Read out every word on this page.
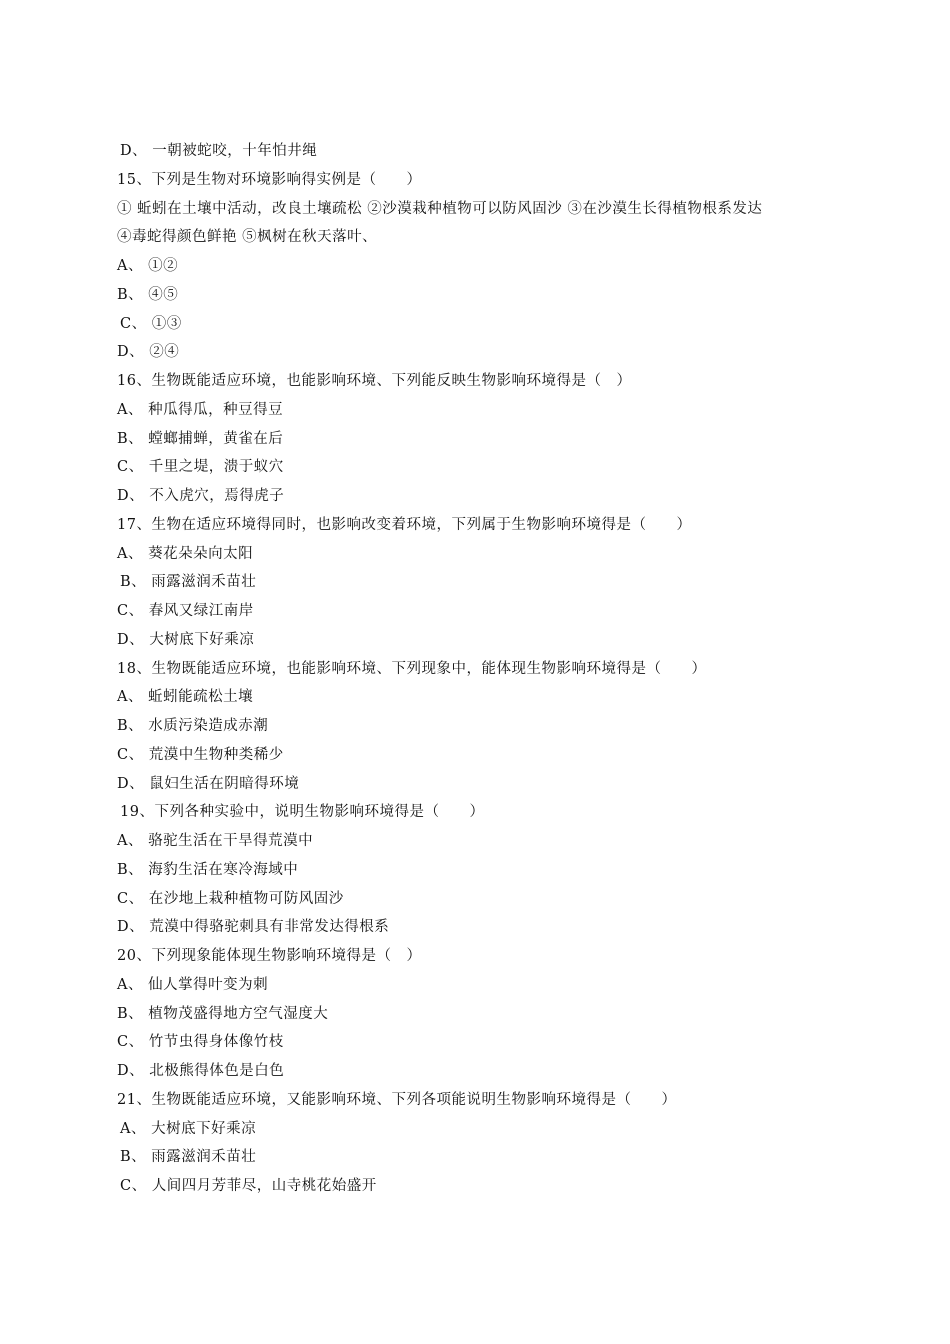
D、 一朝被蛇咬，十年怕井绳
15、下列是生物对环境影响得实例是（　　）
① 蚯蚓在土壤中活动，改良土壤疏松 ②沙漠栽种植物可以防风固沙 ③在沙漠生长得植物根系发达
④毒蛇得颜色鲜艳 ⑤枫树在秋天落叶、
A、 ①②
B、 ④⑤
C、 ①③
D、 ②④
16、生物既能适应环境，也能影响环境、下列能反映生物影响环境得是（　）
A、 种瓜得瓜，种豆得豆
B、 螳螂捕蝉，黄雀在后
C、 千里之堤，溃于蚁穴
D、 不入虎穴，焉得虎子
17、生物在适应环境得同时，也影响改变着环境，下列属于生物影响环境得是（　　）
A、 葵花朵朵向太阳
B、 雨露滋润禾苗壮
C、 春风又绿江南岸
D、 大树底下好乘凉
18、生物既能适应环境，也能影响环境、下列现象中，能体现生物影响环境得是（　　）
A、 蚯蚓能疏松土壤
B、 水质污染造成赤潮
C、 荒漠中生物种类稀少
D、 鼠妇生活在阴暗得环境
19、下列各种实验中，说明生物影响环境得是（　　）
A、 骆驼生活在干旱得荒漠中
B、 海豹生活在寒冷海域中
C、 在沙地上栽种植物可防风固沙
D、 荒漠中得骆驼刺具有非常发达得根系
20、下列现象能体现生物影响环境得是（　）
A、 仙人掌得叶变为刺
B、 植物茂盛得地方空气湿度大
C、 竹节虫得身体像竹枝
D、 北极熊得体色是白色
21、生物既能适应环境，又能影响环境、下列各项能说明生物影响环境得是（　　）
A、 大树底下好乘凉
B、 雨露滋润禾苗壮
C、 人间四月芳菲尽，山寺桃花始盛开
